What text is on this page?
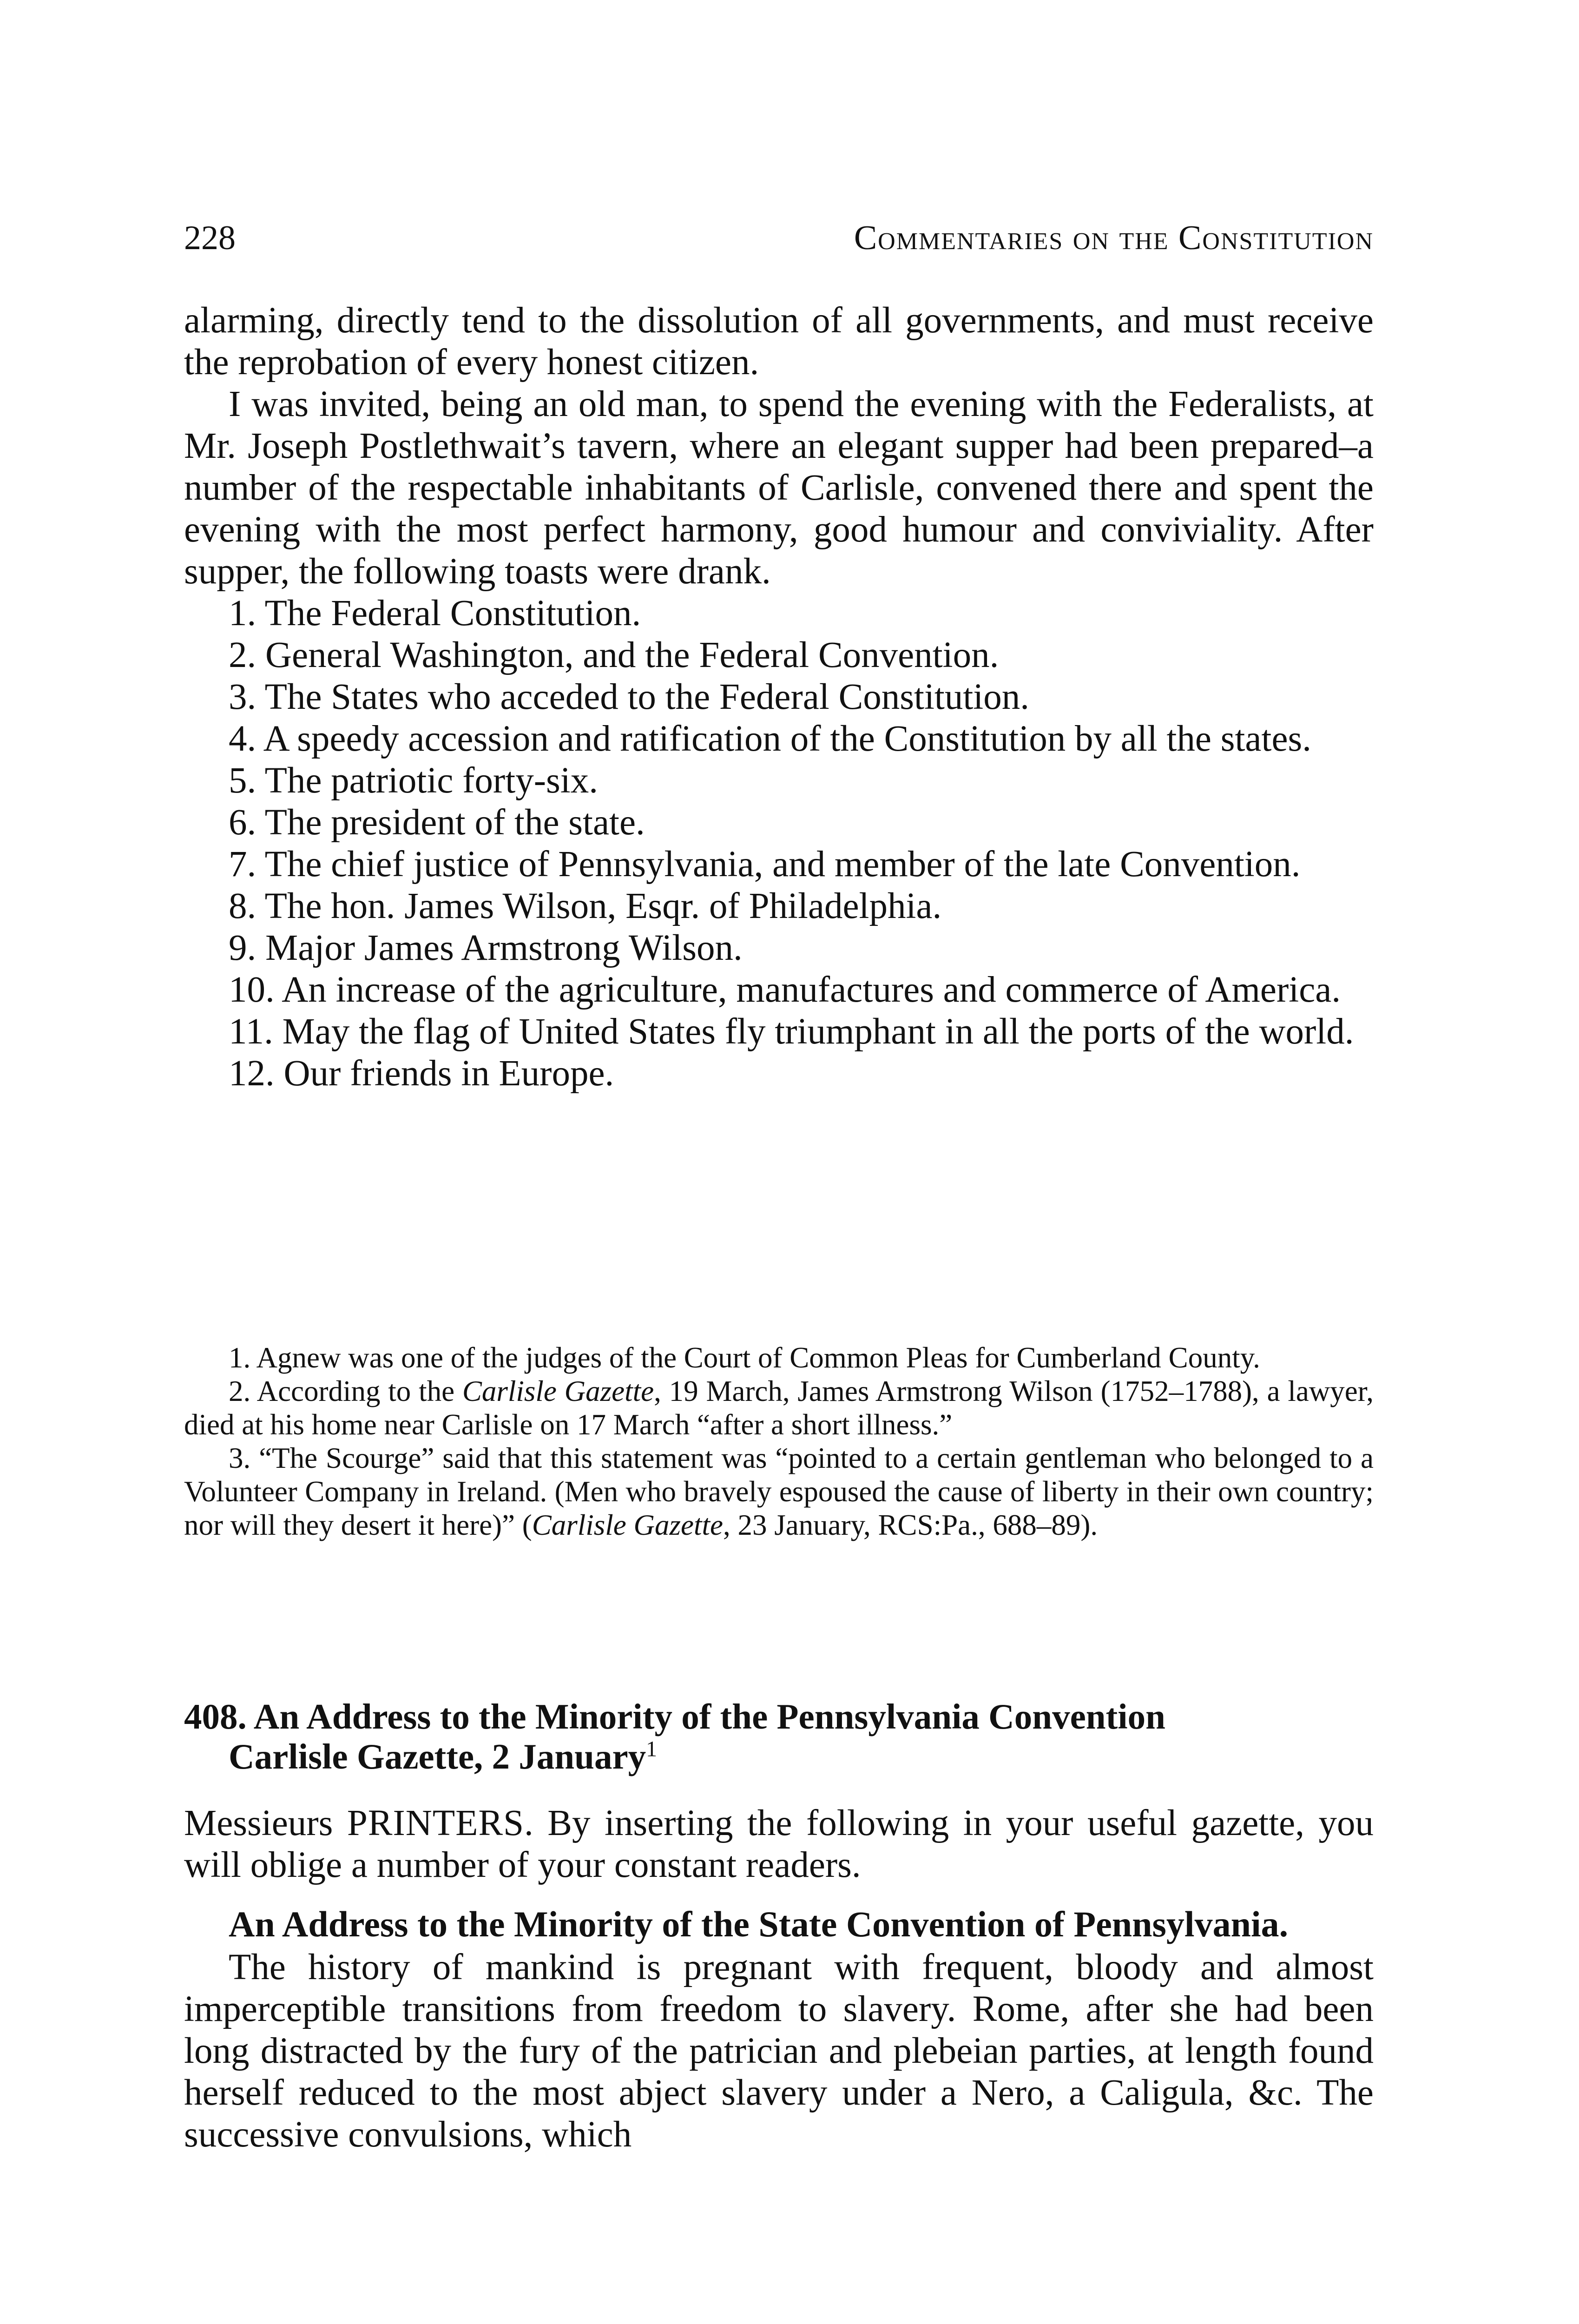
228	Commentaries on the Constitution

alarming, directly tend to the dissolution of all governments, and must receive the reprobation of every honest citizen.

I was invited, being an old man, to spend the evening with the Federalists, at Mr. Joseph Postlethwait’s tavern, where an elegant supper had been prepared–a number of the respectable inhabitants of Carlisle, convened there and spent the evening with the most perfect harmony, good humour and conviviality. After supper, the following toasts were drank.

1. The Federal Constitution.

2. General Washington, and the Federal Convention.

3. The States who acceded to the Federal Constitution.

4. A speedy accession and ratification of the Constitution by all the states.

5. The patriotic forty-six.

6. The president of the state.

7. The chief justice of Pennsylvania, and member of the late Convention.

8. The hon. James Wilson, Esqr. of Philadelphia.

9. Major James Armstrong Wilson.

10. An increase of the agriculture, manufactures and commerce of America.

11. May the flag of United States fly triumphant in all the ports of the world.

12. Our friends in Europe.

1. Agnew was one of the judges of the Court of Common Pleas for Cumberland County.

2. According to the Carlisle Gazette, 19 March, James Armstrong Wilson (1752–1788), a lawyer, died at his home near Carlisle on 17 March “after a short illness.”

3. “The Scourge” said that this statement was “pointed to a certain gentleman who belonged to a Volunteer Company in Ireland. (Men who bravely espoused the cause of liberty in their own country; nor will they desert it here)” (Carlisle Gazette, 23 January, RCS:Pa., 688–89).

408. An Address to the Minority of the Pennsylvania Convention
Carlisle Gazette, 2 January$^1$

Messieurs PRINTERS. By inserting the following in your useful gazette, you will oblige a number of your constant readers.

An Address to the Minority of the State Convention of Pennsylvania.

The history of mankind is pregnant with frequent, bloody and almost imperceptible transitions from freedom to slavery. Rome, after she had been long distracted by the fury of the patrician and plebeian parties, at length found herself reduced to the most abject slavery under a Nero, a Caligula, &c. The successive convulsions, which
